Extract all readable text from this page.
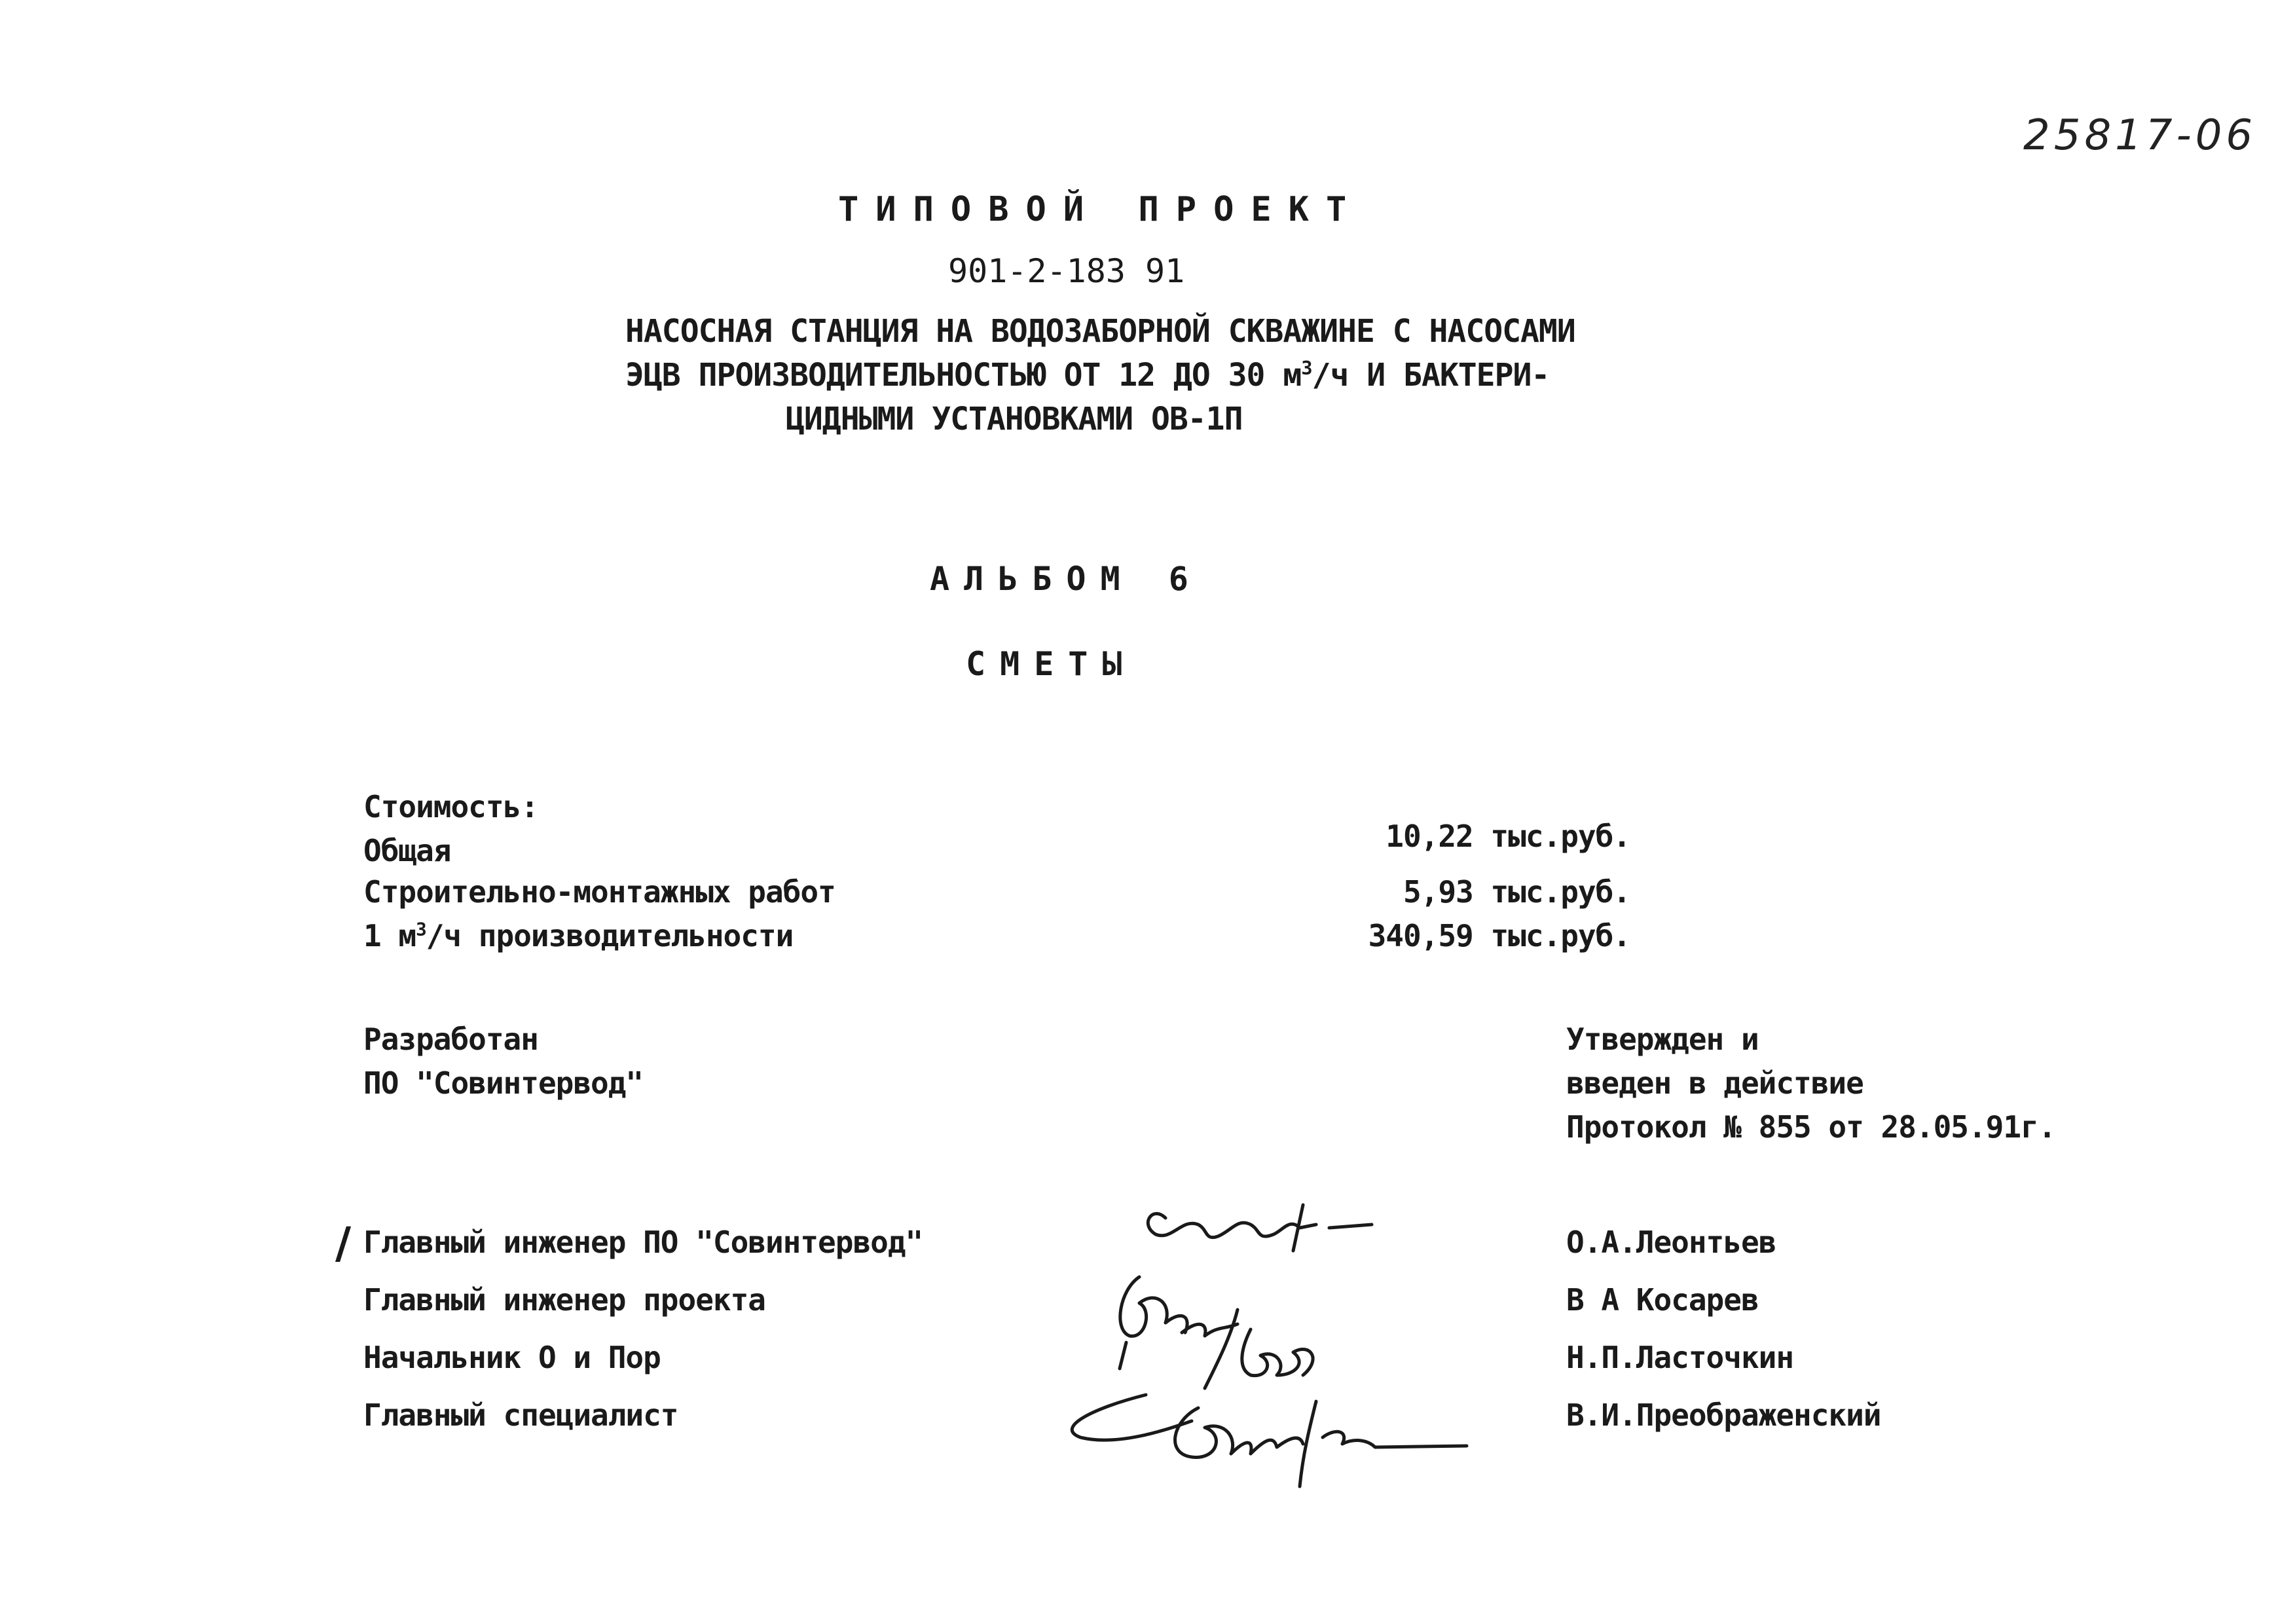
25817-06
ТИПОВОЙ ПРОЕКТ
901-2-183 91
НАСОСНАЯ СТАНЦИЯ НА ВОДОЗАБОРНОЙ СКВАЖИНЕ С НАСОСАМИ
ЭЦВ ПРОИЗВОДИТЕЛЬНОСТЬЮ ОТ 12 ДО 30 $м^3/ч$ И БАКТЕРИ-
ЦИДНЫМИ УСТАНОВКАМИ ОВ-1П
АЛЬБОМ 6
СМЕТЫ
Стоимость:
Общая	10,22 тыс.руб.
Строительно-монтажных работ	5,93 тыс.руб.
1 $м^3/ч$ производительности	340,59 тыс.руб.
Разработан
ПО "Совинтервод"
Утвержден и
введен в действие
Протокол № 855 от 28.05.91г.
/ Главный инженер ПО "Совинтервод"	О.А.Леонтьев
Главный инженер проекта	В А Косарев
Начальник О и Пор	Н.П.Ласточкин
Главный специалист	В.И.Преображенский
